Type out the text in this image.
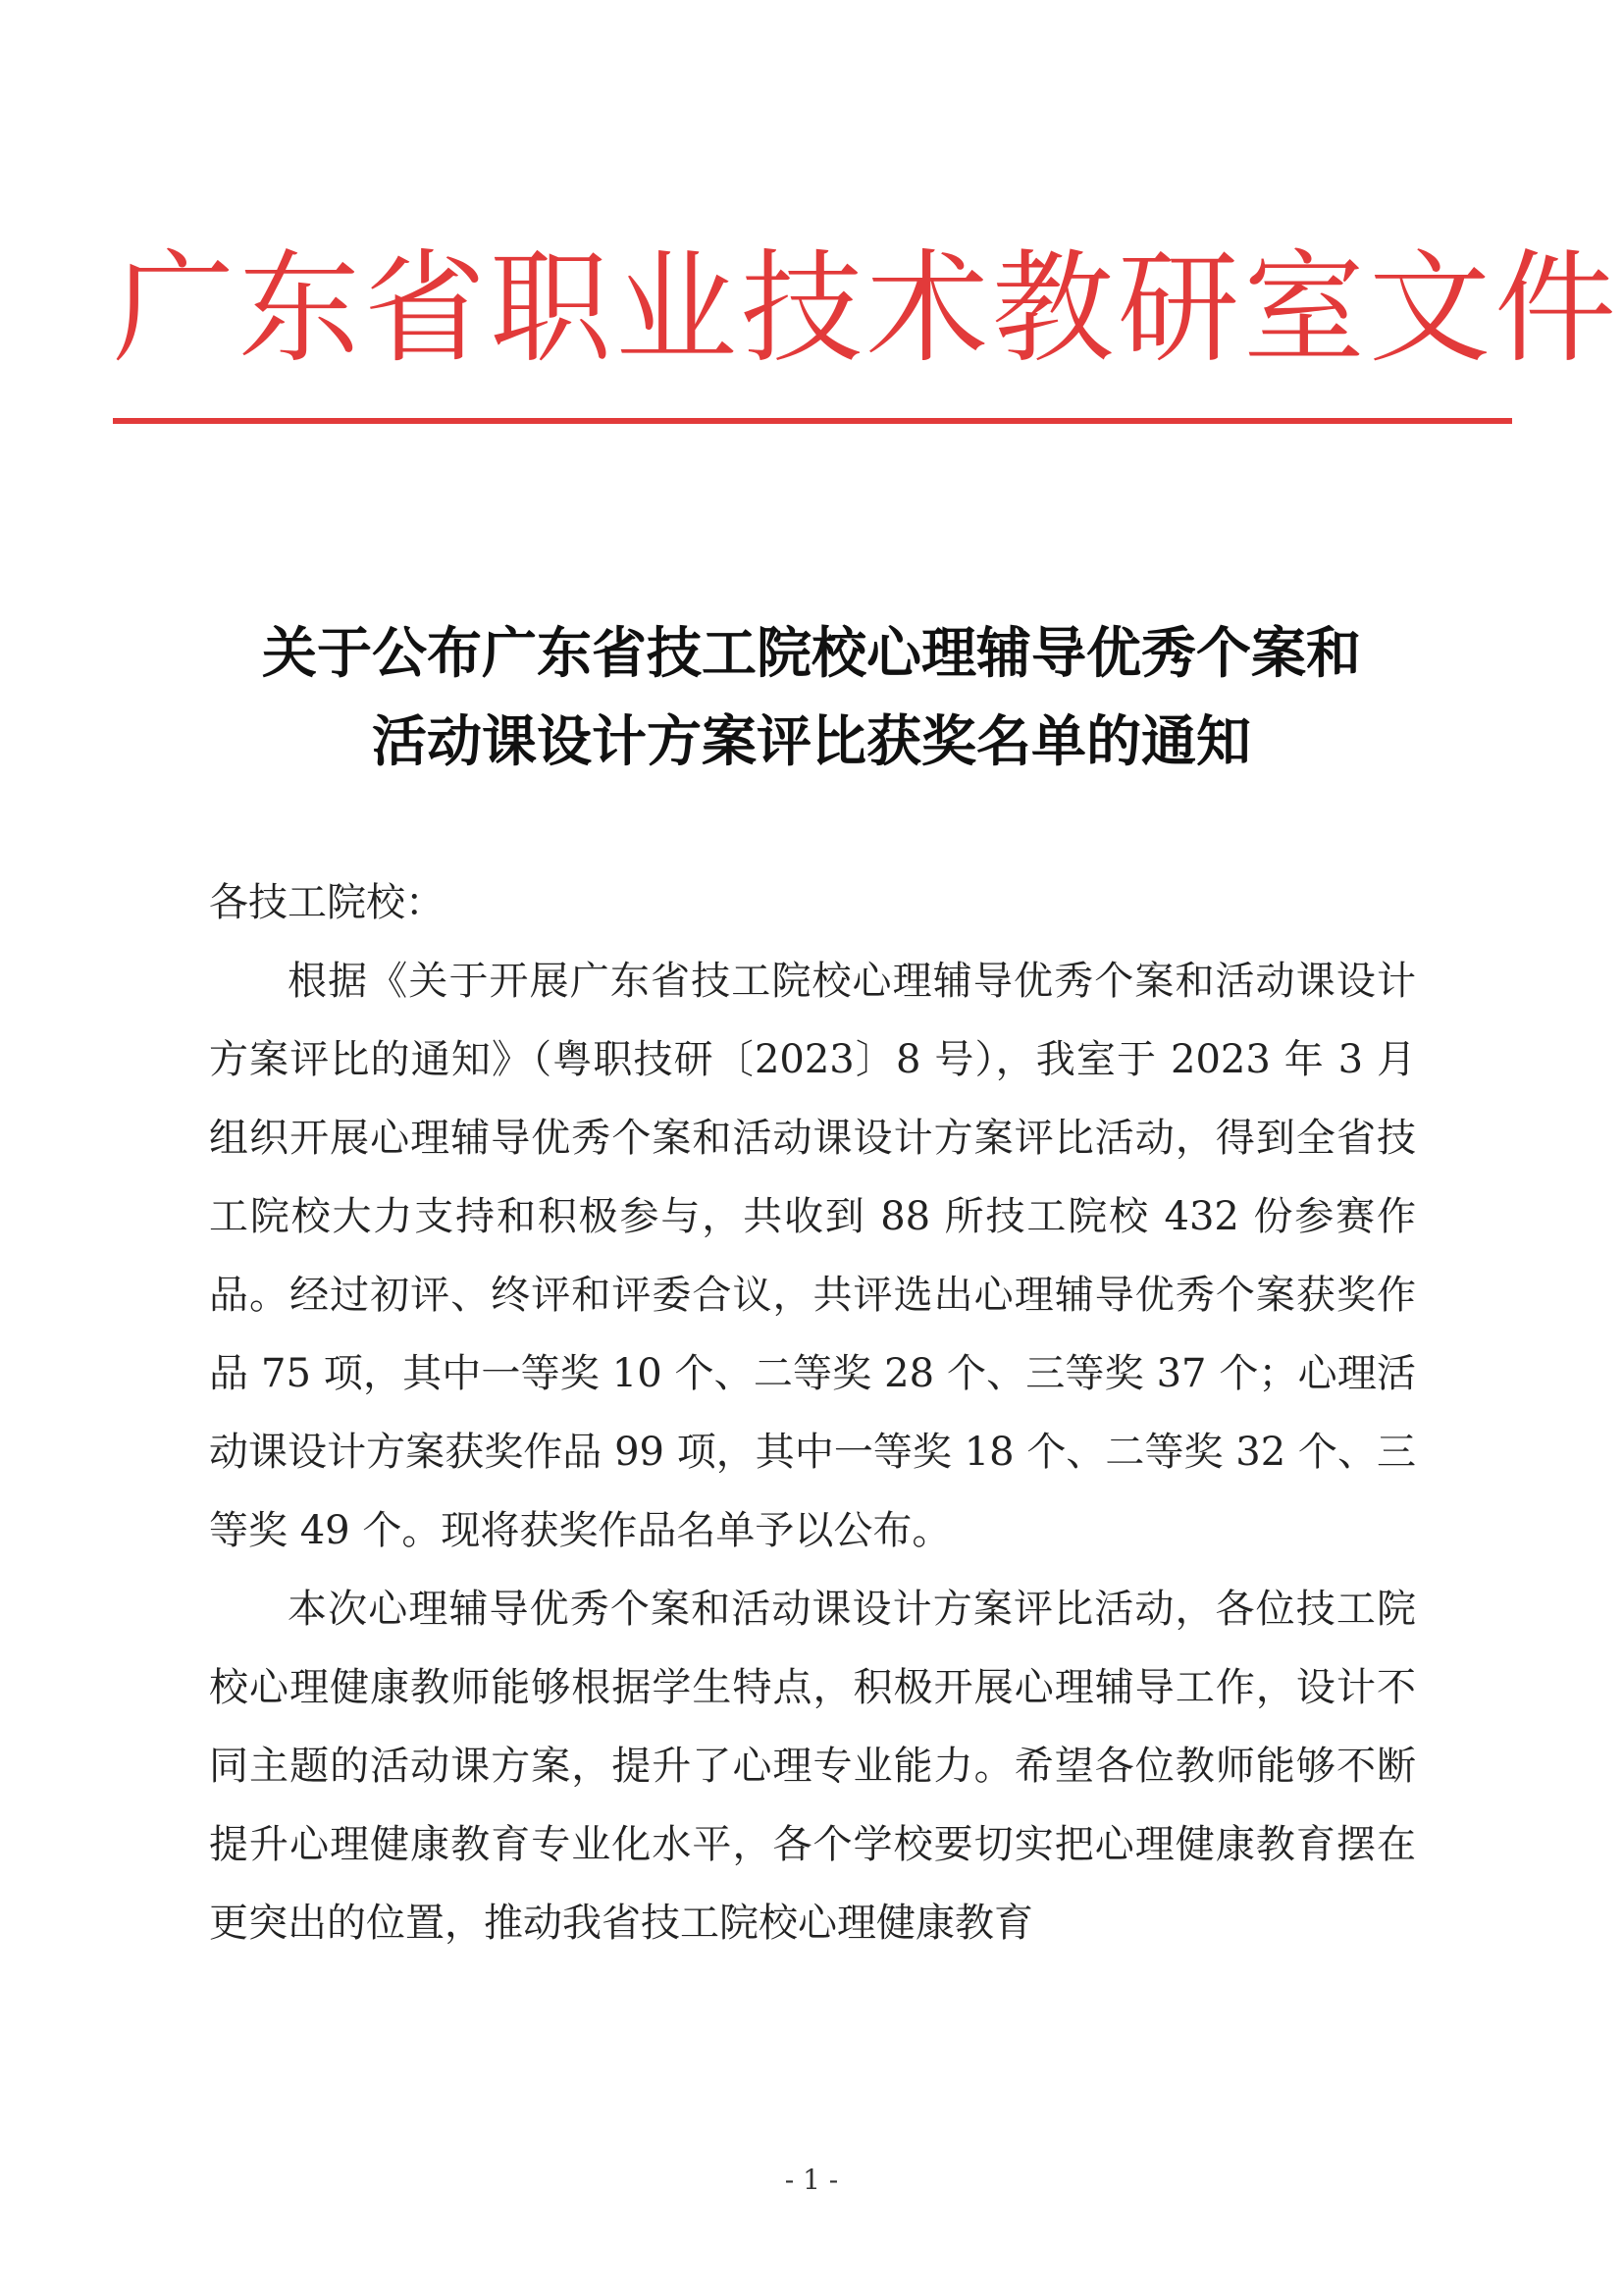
广东省职业技术教研室文件
关于公布广东省技工院校心理辅导优秀个案和
活动课设计方案评比获奖名单的通知

各技工院校：

根据《关于开展广东省技工院校心理辅导优秀个案和活动课设计方案评比的通知》（粤职技研〔2023〕8 号），我室于 2023 年 3 月组织开展心理辅导优秀个案和活动课设计方案评比活动，得到全省技工院校大力支持和积极参与，共收到 88 所技工院校 432 份参赛作品。经过初评、终评和评委合议，共评选出心理辅导优秀个案获奖作品 75 项，其中一等奖 10 个、二等奖 28 个、三等奖 37 个；心理活动课设计方案获奖作品 99 项，其中一等奖 18 个、二等奖 32 个、三等奖 49 个。现将获奖作品名单予以公布。

本次心理辅导优秀个案和活动课设计方案评比活动，各位技工院校心理健康教师能够根据学生特点，积极开展心理辅导工作，设计不同主题的活动课方案，提升了心理专业能力。希望各位教师能够不断提升心理健康教育专业化水平，各个学校要切实把心理健康教育摆在更突出的位置，推动我省技工院校心理健康教育

- 1 -
